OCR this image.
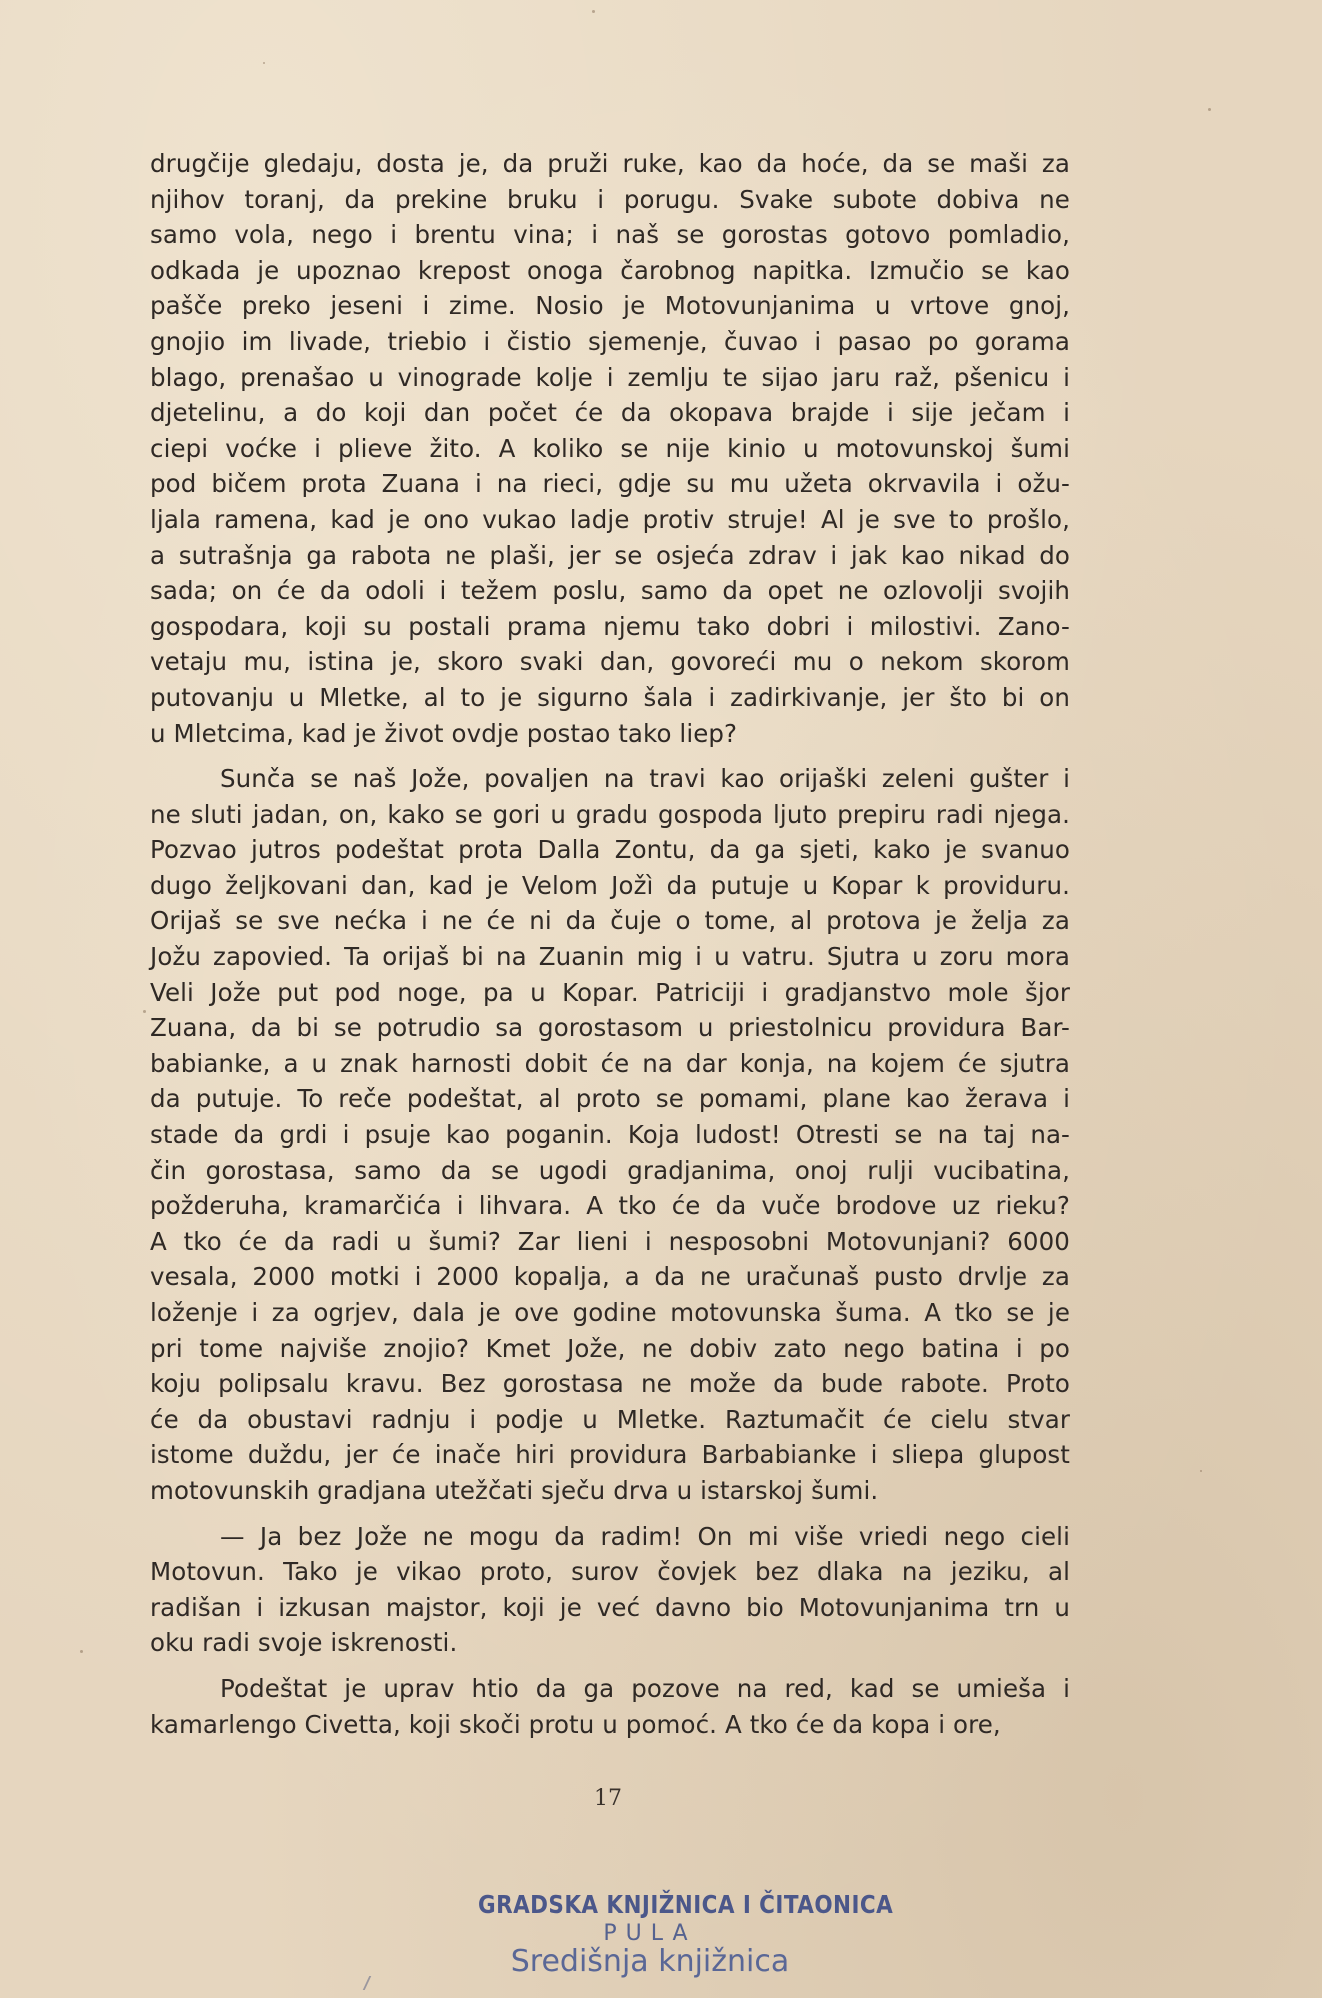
drugčije gledaju, dosta je, da pruži ruke, kao da hoće, da se maši za
njihov toranj, da prekine bruku i porugu. Svake subote dobiva ne
samo vola, nego i brentu vina; i naš se gorostas gotovo pomladio,
odkada je upoznao krepost onoga čarobnog napitka. Izmučio se kao
pašče preko jeseni i zime. Nosio je Motovunjanima u vrtove gnoj,
gnojio im livade, triebio i čistio sjemenje, čuvao i pasao po gorama
blago, prenašao u vinograde kolje i zemlju te sijao jaru raž, pšenicu i
djetelinu, a do koji dan počet će da okopava brajde i sije ječam i
ciepi voćke i plieve žito. A koliko se nije kinio u motovunskoj šumi
pod bičem prota Zuana i na rieci, gdje su mu užeta okrvavila i ožu-
ljala ramena, kad je ono vukao ladje protiv struje! Al je sve to prošlo,
a sutrašnja ga rabota ne plaši, jer se osjeća zdrav i jak kao nikad do
sada; on će da odoli i težem poslu, samo da opet ne ozlovolji svojih
gospodara, koji su postali prama njemu tako dobri i milostivi. Zano-
vetaju mu, istina je, skoro svaki dan, govoreći mu o nekom skorom
putovanju u Mletke, al to je sigurno šala i zadirkivanje, jer što bi on
u Mletcima, kad je život ovdje postao tako liep?
Sunča se naš Jože, povaljen na travi kao orijaški zeleni gušter i
ne sluti jadan, on, kako se gori u gradu gospoda ljuto prepiru radi njega.
Pozvao jutros podeštat prota Dalla Zontu, da ga sjeti, kako je svanuo
dugo željkovani dan, kad je Velom Jožì da putuje u Kopar k providuru.
Orijaš se sve nećka i ne će ni da čuje o tome, al protova je želja za
Jožu zapovied. Ta orijaš bi na Zuanin mig i u vatru. Sjutra u zoru mora
Veli Jože put pod noge, pa u Kopar. Patriciji i gradjanstvo mole šjor
Zuana, da bi se potrudio sa gorostasom u priestolnicu providura Bar-
babianke, a u znak harnosti dobit će na dar konja, na kojem će sjutra
da putuje. To reče podeštat, al proto se pomami, plane kao žerava i
stade da grdi i psuje kao poganin. Koja ludost! Otresti se na taj na-
čin gorostasa, samo da se ugodi gradjanima, onoj rulji vucibatina,
požderuha, kramarčića i lihvara. A tko će da vuče brodove uz rieku?
A tko će da radi u šumi? Zar lieni i nesposobni Motovunjani? 6000
vesala, 2000 motki i 2000 kopalja, a da ne uračunaš pusto drvlje za
loženje i za ogrjev, dala je ove godine motovunska šuma. A tko se je
pri tome najviše znojio? Kmet Jože, ne dobiv zato nego batina i po
koju polipsalu kravu. Bez gorostasa ne može da bude rabote. Proto
će da obustavi radnju i podje u Mletke. Raztumačit će cielu stvar
istome duždu, jer će inače hiri providura Barbabianke i sliepa glupost
motovunskih gradjana utežčati sječu drva u istarskoj šumi.
— Ja bez Jože ne mogu da radim! On mi više vriedi nego cieli
Motovun. Tako je vikao proto, surov čovjek bez dlaka na jeziku, al
radišan i izkusan majstor, koji je već davno bio Motovunjanima trn u
oku radi svoje iskrenosti.
Podeštat je uprav htio da ga pozove na red, kad se umieša i
kamarlengo Civetta, koji skoči protu u pomoć. A tko će da kopa i ore,
17
GRADSKA KNJIŽNICA I ČITAONICA
PULA
Središnja knjižnica
